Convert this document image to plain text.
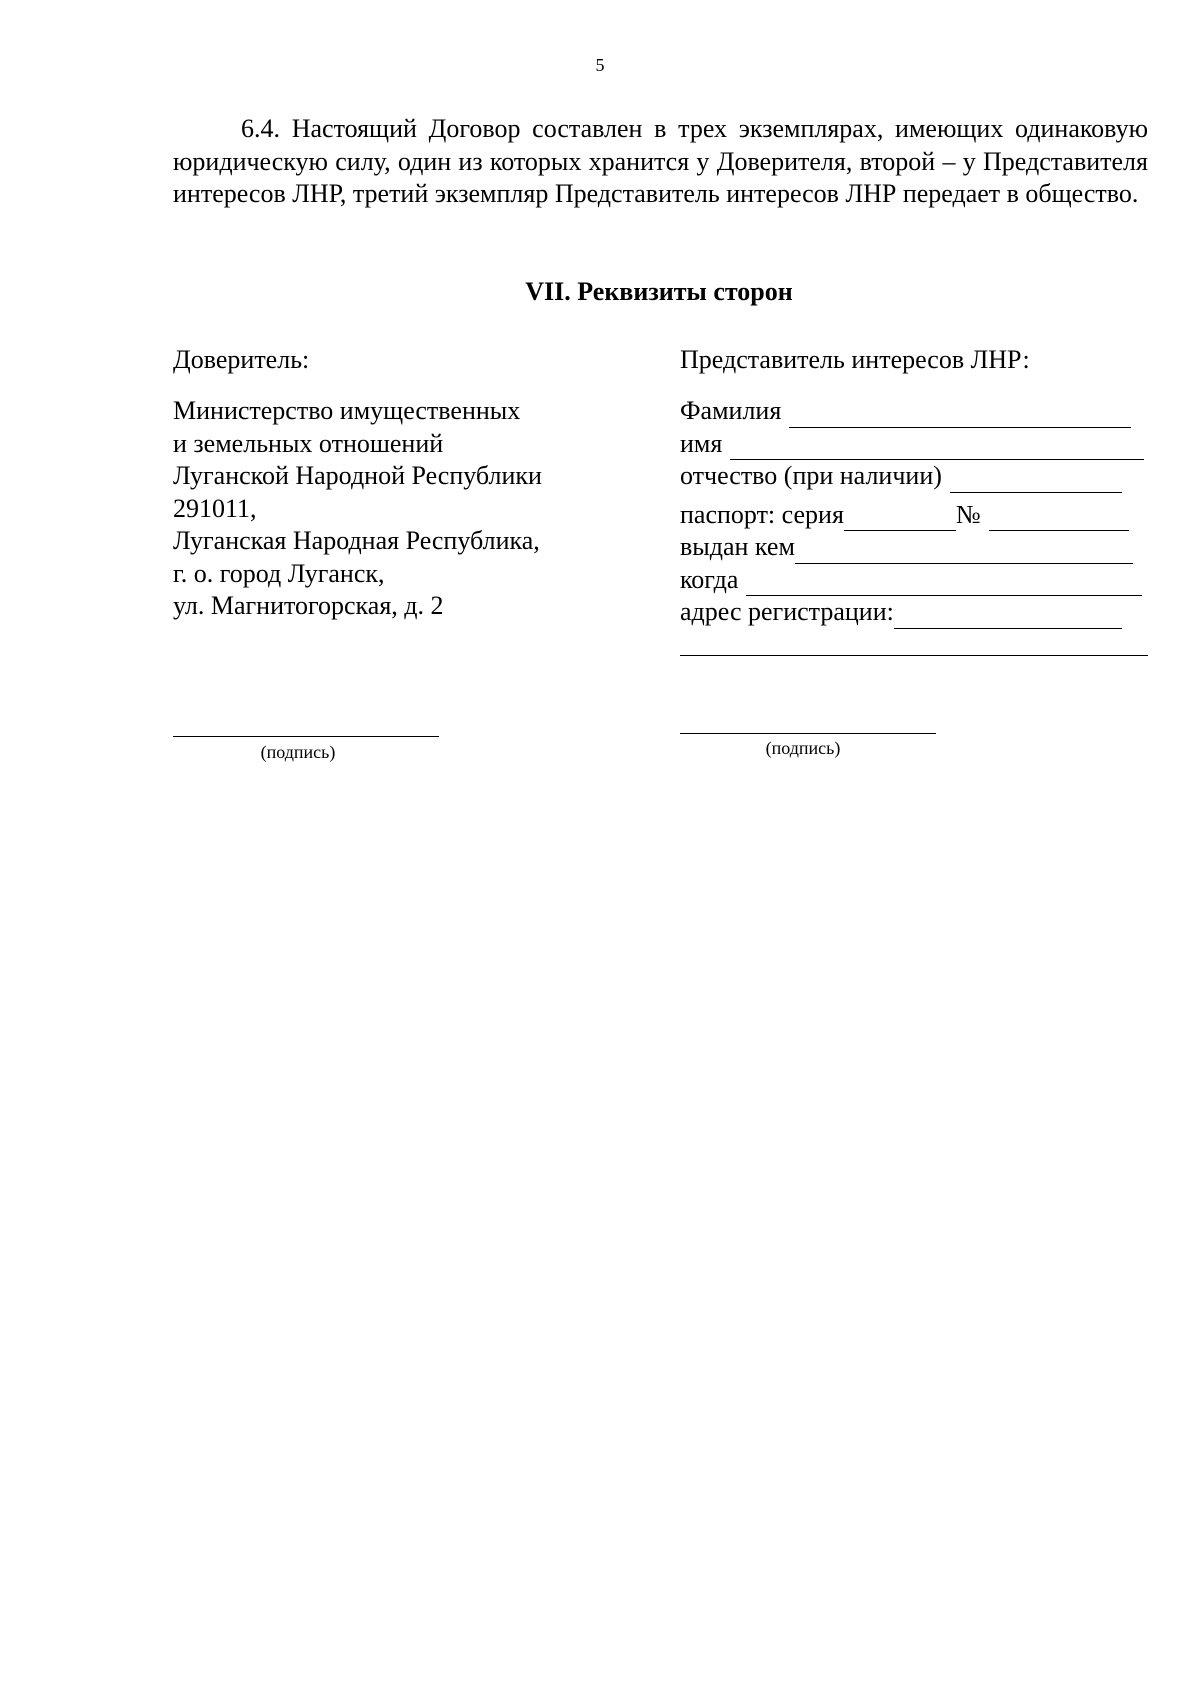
5

6.4. Настоящий Договор составлен в трех экземплярах, имеющих одинаковую юридическую силу, один из которых хранится у Доверителя, второй – у Представителя интересов ЛНР, третий экземпляр Представитель интересов ЛНР передает в общество.

VII. Реквизиты сторон
Доверитель:
Министерство имущественных
и земельных отношений
Луганской Народной Республики
291011,
Луганская Народная Республика,
г. о. город Луганск,
ул. Магнитогорская, д. 2
Представитель интересов ЛНР:
Фамилия
имя
отчество (при наличии)
паспорт: серия	№
выдан кем
когда
адрес регистрации:
(подпись)	(подпись)
